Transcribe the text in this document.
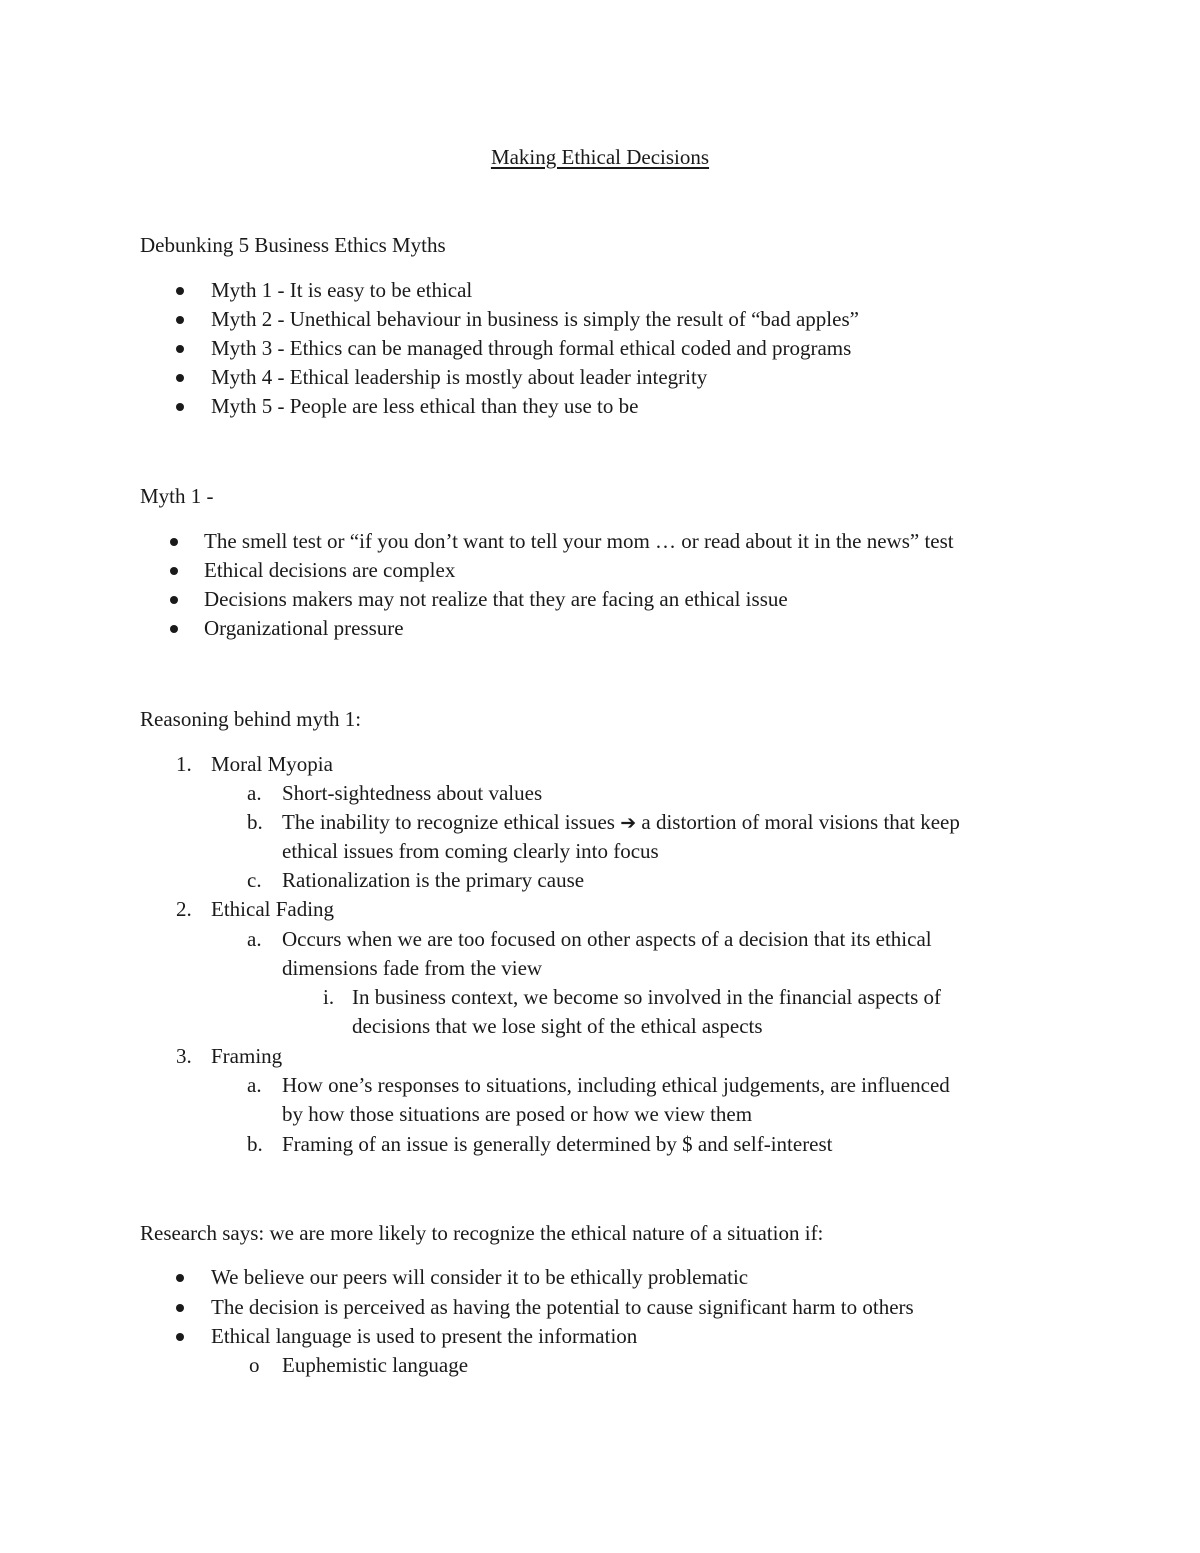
Making Ethical Decisions
Debunking 5 Business Ethics Myths
Myth 1 - It is easy to be ethical
Myth 2 - Unethical behaviour in business is simply the result of “bad apples”
Myth 3 - Ethics can be managed through formal ethical coded and programs
Myth 4 - Ethical leadership is mostly about leader integrity
Myth 5 - People are less ethical than they use to be
Myth 1 -
The smell test or “if you don’t want to tell your mom … or read about it in the news” test
Ethical decisions are complex
Decisions makers may not realize that they are facing an ethical issue
Organizational pressure
Reasoning behind myth 1:
1. Moral Myopia
a. Short-sightedness about values
b. The inability to recognize ethical issues ➔ a distortion of moral visions that keep
ethical issues from coming clearly into focus
c. Rationalization is the primary cause
2. Ethical Fading
a. Occurs when we are too focused on other aspects of a decision that its ethical
dimensions fade from the view
i. In business context, we become so involved in the financial aspects of
decisions that we lose sight of the ethical aspects
3. Framing
a. How one’s responses to situations, including ethical judgements, are influenced
by how those situations are posed or how we view them
b. Framing of an issue is generally determined by $ and self-interest
Research says: we are more likely to recognize the ethical nature of a situation if:
We believe our peers will consider it to be ethically problematic
The decision is perceived as having the potential to cause significant harm to others
Ethical language is used to present the information
o Euphemistic language
